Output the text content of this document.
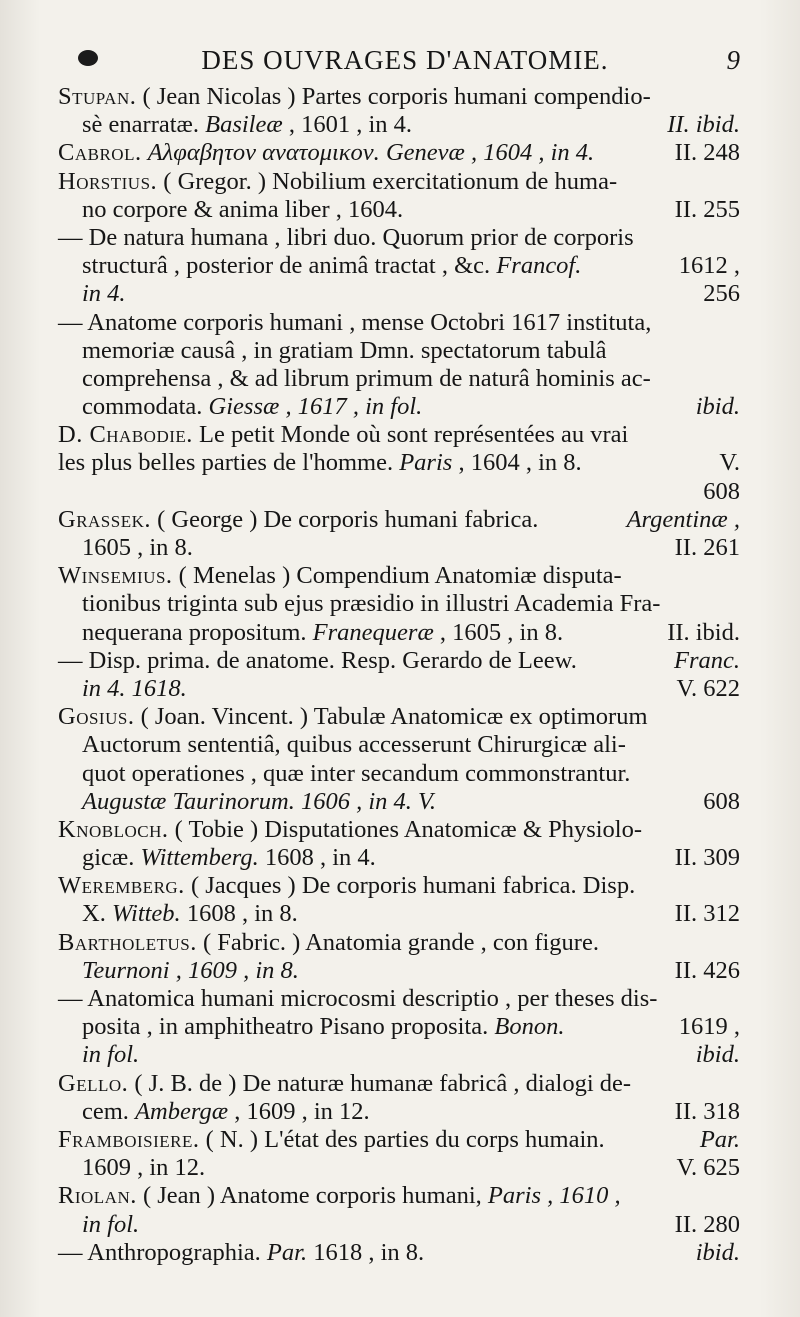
DES OUVRAGES D'ANATOMIE.	9
Stupan. ( Jean Nicolas ) Partes corporis humani compendio-
sè enarratæ. Basileæ , 1601 , in 4.	II. ibid.
Cabrol. Αλφαβητον ανατομικον. Genevæ , 1604 , in 4.	II. 248
Horstius. ( Gregor. ) Nobilium exercitationum de huma-
no corpore & anima liber , 1604.	II. 255
— De natura humana , libri duo. Quorum prior de corporis
structurâ , posterior de animâ tractat , &c. Francof.	1612 ,
in 4.	256
— Anatome corporis humani , mense Octobri 1617 instituta,
memoriæ causâ , in gratiam Dmn. spectatorum tabulâ
comprehensa , & ad librum primum de naturâ hominis ac-
commodata. Giessæ , 1617 , in fol.	ibid.
D. Chabodie. Le petit Monde où sont représentées au vrai
les plus belles parties de l'homme. Paris , 1604 , in 8.	V.
608
Grassek. ( George ) De corporis humani fabrica.	Argentinæ ,
1605 , in 8.	II. 261
Winsemius. ( Menelas ) Compendium Anatomiæ disputa-
tionibus triginta sub ejus præsidio in illustri Academia Fra-
nequerana propositum. Franequeræ , 1605 , in 8.	II. ibid.
— Disp. prima. de anatome. Resp. Gerardo de Leew.	Franc.
in 4. 1618.	V. 622
Gosius. ( Joan. Vincent. ) Tabulæ Anatomicæ ex optimorum
Auctorum sententiâ, quibus accesserunt Chirurgicæ ali-
quot operationes , quæ inter secandum commonstrantur.
Augustæ Taurinorum. 1606 , in 4. V.	608
Knobloch. ( Tobie ) Disputationes Anatomicæ & Physiolo-
gicæ. Wittemberg. 1608 , in 4.	II. 309
Weremberg. ( Jacques ) De corporis humani fabrica. Disp.
X. Witteb. 1608 , in 8.	II. 312
Bartholetus. ( Fabric. ) Anatomia grande , con figure.
Teurnoni , 1609 , in 8.	II. 426
— Anatomica humani microcosmi descriptio , per theses dis-
posita , in amphitheatro Pisano proposita. Bonon.	1619 ,
in fol.	ibid.
Gello. ( J. B. de ) De naturæ humanæ fabricâ , dialogi de-
cem. Ambergæ , 1609 , in 12.	II. 318
Framboisiere. ( N. ) L'état des parties du corps humain.	Par.
1609 , in 12.	V. 625
Riolan. ( Jean ) Anatome corporis humani, Paris , 1610 ,
in fol.	II. 280
— Anthropographia. Par. 1618 , in 8.	ibid.
